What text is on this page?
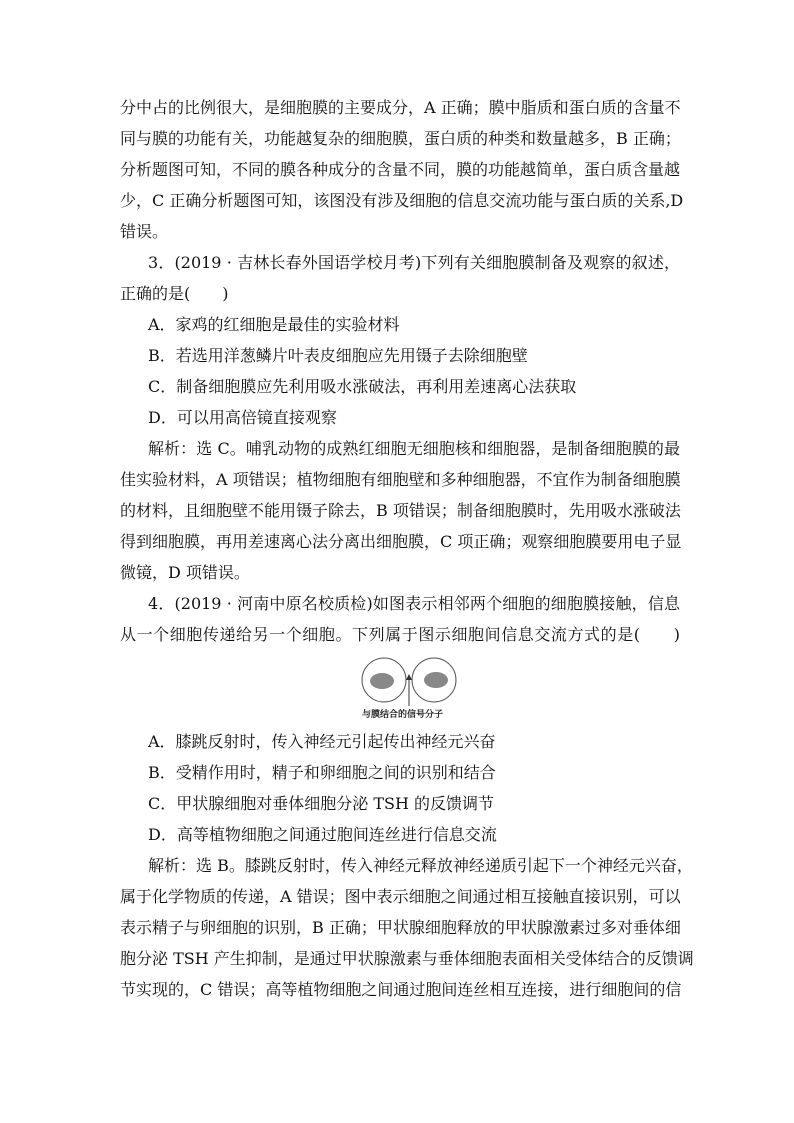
分中占的比例很大，是细胞膜的主要成分，A 正确；膜中脂质和蛋白质的含量不
同与膜的功能有关，功能越复杂的细胞膜，蛋白质的种类和数量越多，B 正确；
分析题图可知，不同的膜各种成分的含量不同，膜的功能越简单，蛋白质含量越
少，C 正确分析题图可知，该图没有涉及细胞的信息交流功能与蛋白质的关系,D
错误。
3．(2019 · 吉林长春外国语学校月考)下列有关细胞膜制备及观察的叙述，
正确的是(　　)
A．家鸡的红细胞是最佳的实验材料
B．若选用洋葱鳞片叶表皮细胞应先用镊子去除细胞壁
C．制备细胞膜应先利用吸水涨破法，再利用差速离心法获取
D．可以用高倍镜直接观察
解析：选 C。哺乳动物的成熟红细胞无细胞核和细胞器，是制备细胞膜的最
佳实验材料，A 项错误；植物细胞有细胞壁和多种细胞器，不宜作为制备细胞膜
的材料，且细胞壁不能用镊子除去，B 项错误；制备细胞膜时，先用吸水涨破法
得到细胞膜，再用差速离心法分离出细胞膜，C 项正确；观察细胞膜要用电子显
微镜，D 项错误。
4．(2019 · 河南中原名校质检)如图表示相邻两个细胞的细胞膜接触，信息
从一个细胞传递给另一个细胞。下列属于图示细胞间信息交流方式的是(　　)
与膜结合的信号分子
A．膝跳反射时，传入神经元引起传出神经元兴奋
B．受精作用时，精子和卵细胞之间的识别和结合
C．甲状腺细胞对垂体细胞分泌 TSH 的反馈调节
D．高等植物细胞之间通过胞间连丝进行信息交流
解析：选 B。膝跳反射时，传入神经元释放神经递质引起下一个神经元兴奋，
属于化学物质的传递，A 错误；图中表示细胞之间通过相互接触直接识别，可以
表示精子与卵细胞的识别，B 正确；甲状腺细胞释放的甲状腺激素过多对垂体细
胞分泌 TSH 产生抑制，是通过甲状腺激素与垂体细胞表面相关受体结合的反馈调
节实现的，C 错误；高等植物细胞之间通过胞间连丝相互连接，进行细胞间的信
